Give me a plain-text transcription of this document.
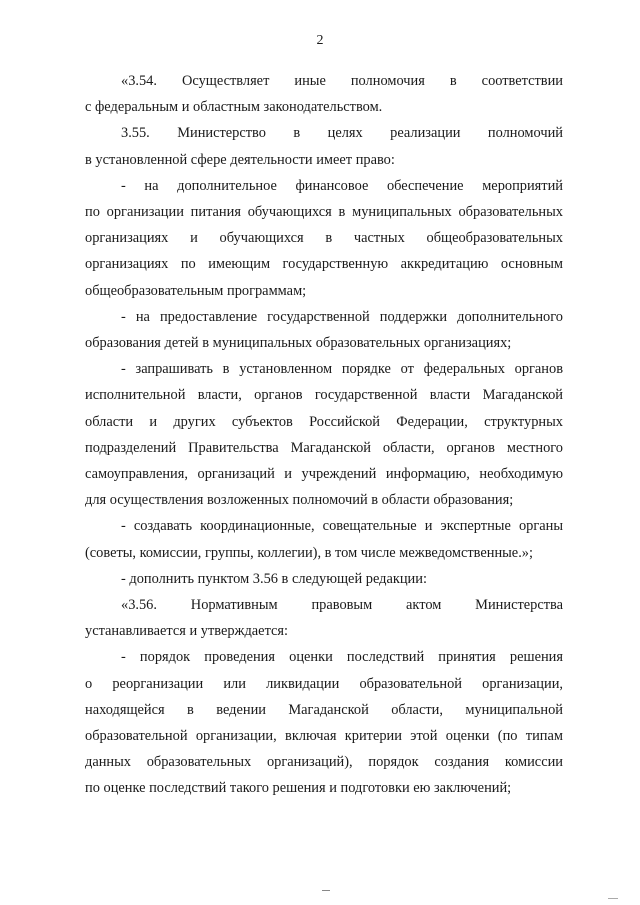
2
«3.54. Осуществляет иные полномочия в соответствии
с федеральным и областным законодательством.
3.55. Министерство в целях реализации полномочий
в установленной сфере деятельности имеет право:
- на дополнительное финансовое обеспечение мероприятий
по организации питания обучающихся в муниципальных образовательных
организациях и обучающихся в частных общеобразовательных
организациях по имеющим государственную аккредитацию основным
общеобразовательным программам;
- на предоставление государственной поддержки дополнительного
образования детей в муниципальных образовательных организациях;
- запрашивать в установленном порядке от федеральных органов
исполнительной власти, органов государственной власти Магаданской
области и других субъектов Российской Федерации, структурных
подразделений Правительства Магаданской области, органов местного
самоуправления, организаций и учреждений информацию, необходимую
для осуществления возложенных полномочий в области образования;
- создавать координационные, совещательные и экспертные органы
(советы, комиссии, группы, коллегии), в том числе межведомственные.»;
- дополнить пунктом 3.56 в следующей редакции:
«3.56. Нормативным правовым актом Министерства
устанавливается и утверждается:
- порядок проведения оценки последствий принятия решения
о реорганизации или ликвидации образовательной организации,
находящейся в ведении Магаданской области, муниципальной
образовательной организации, включая критерии этой оценки (по типам
данных образовательных организаций), порядок создания комиссии
по оценке последствий такого решения и подготовки ею заключений;
